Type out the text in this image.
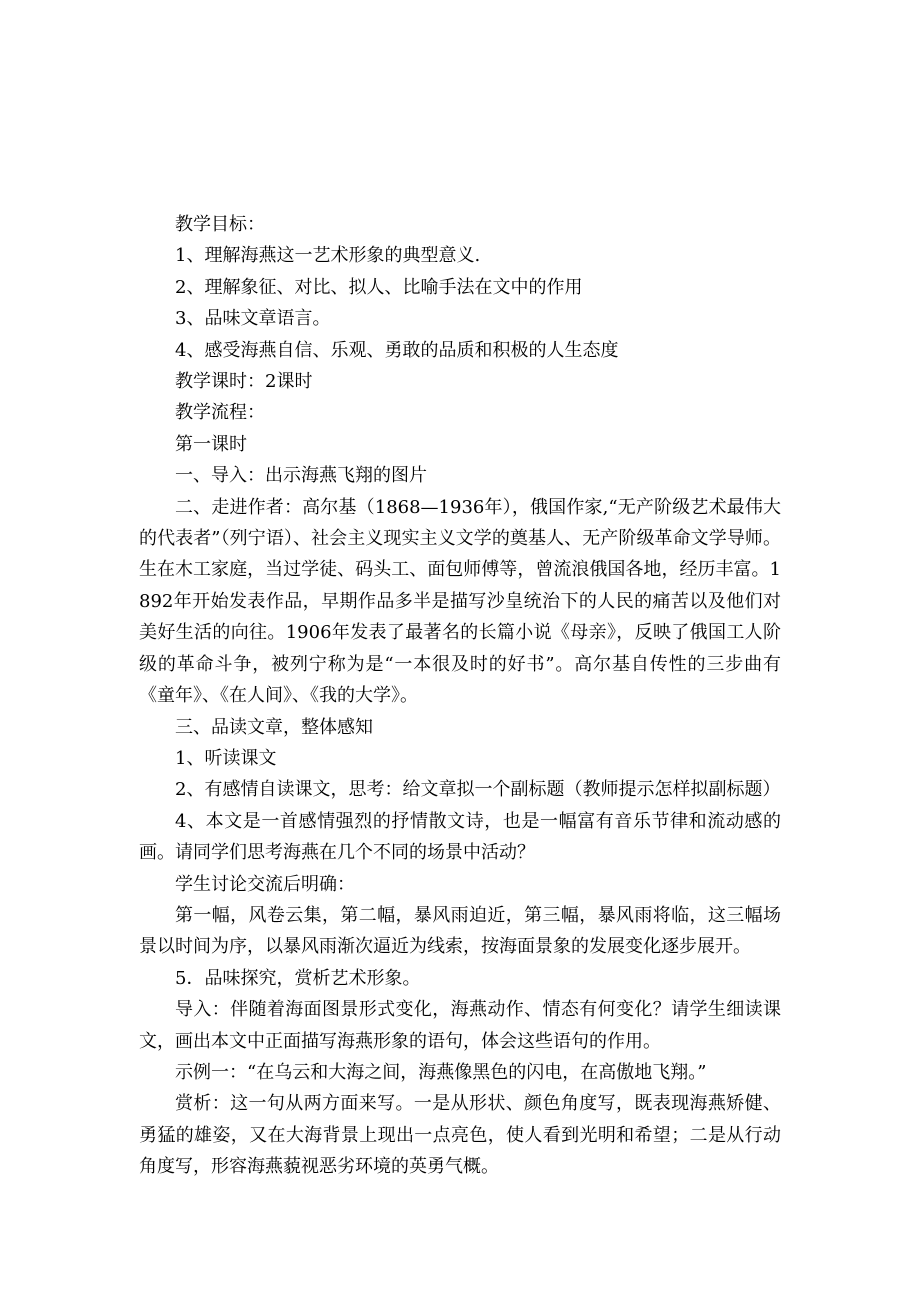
教学目标：

1、理解海燕这一艺术形象的典型意义.

2、理解象征、对比、拟人、比喻手法在文中的作用

3、品味文章语言。

4、感受海燕自信、乐观、勇敢的品质和积极的人生态度

教学课时：2课时

教学流程：

第一课时

一、导入：出示海燕飞翔的图片

二、走进作者：高尔基（1868—1936年），俄国作家,“无产阶级艺术最伟大的代表者”（列宁语）、社会主义现实主义文学的奠基人、无产阶级革命文学导师。生在木工家庭，当过学徒、码头工、面包师傅等，曾流浪俄国各地，经历丰富。1892年开始发表作品，早期作品多半是描写沙皇统治下的人民的痛苦以及他们对美好生活的向往。1906年发表了最著名的长篇小说《母亲》，反映了俄国工人阶级的革命斗争，被列宁称为是“一本很及时的好书”。高尔基自传性的三步曲有《童年》、《在人间》、《我的大学》。

三、品读文章，整体感知

1、听读课文

2、有感情自读课文，思考：给文章拟一个副标题（教师提示怎样拟副标题）

4、本文是一首感情强烈的抒情散文诗，也是一幅富有音乐节律和流动感的画。请同学们思考海燕在几个不同的场景中活动？

学生讨论交流后明确：

第一幅，风卷云集，第二幅，暴风雨迫近，第三幅，暴风雨将临，这三幅场景以时间为序，以暴风雨渐次逼近为线索，按海面景象的发展变化逐步展开。

5．品味探究，赏析艺术形象。

导入：伴随着海面图景形式变化，海燕动作、情态有何变化？请学生细读课文，画出本文中正面描写海燕形象的语句，体会这些语句的作用。

示例一：“在乌云和大海之间，海燕像黑色的闪电，在高傲地飞翔。”

赏析：这一句从两方面来写。一是从形状、颜色角度写，既表现海燕矫健、勇猛的雄姿，又在大海背景上现出一点亮色，使人看到光明和希望；二是从行动角度写，形容海燕藐视恶劣环境的英勇气概。
